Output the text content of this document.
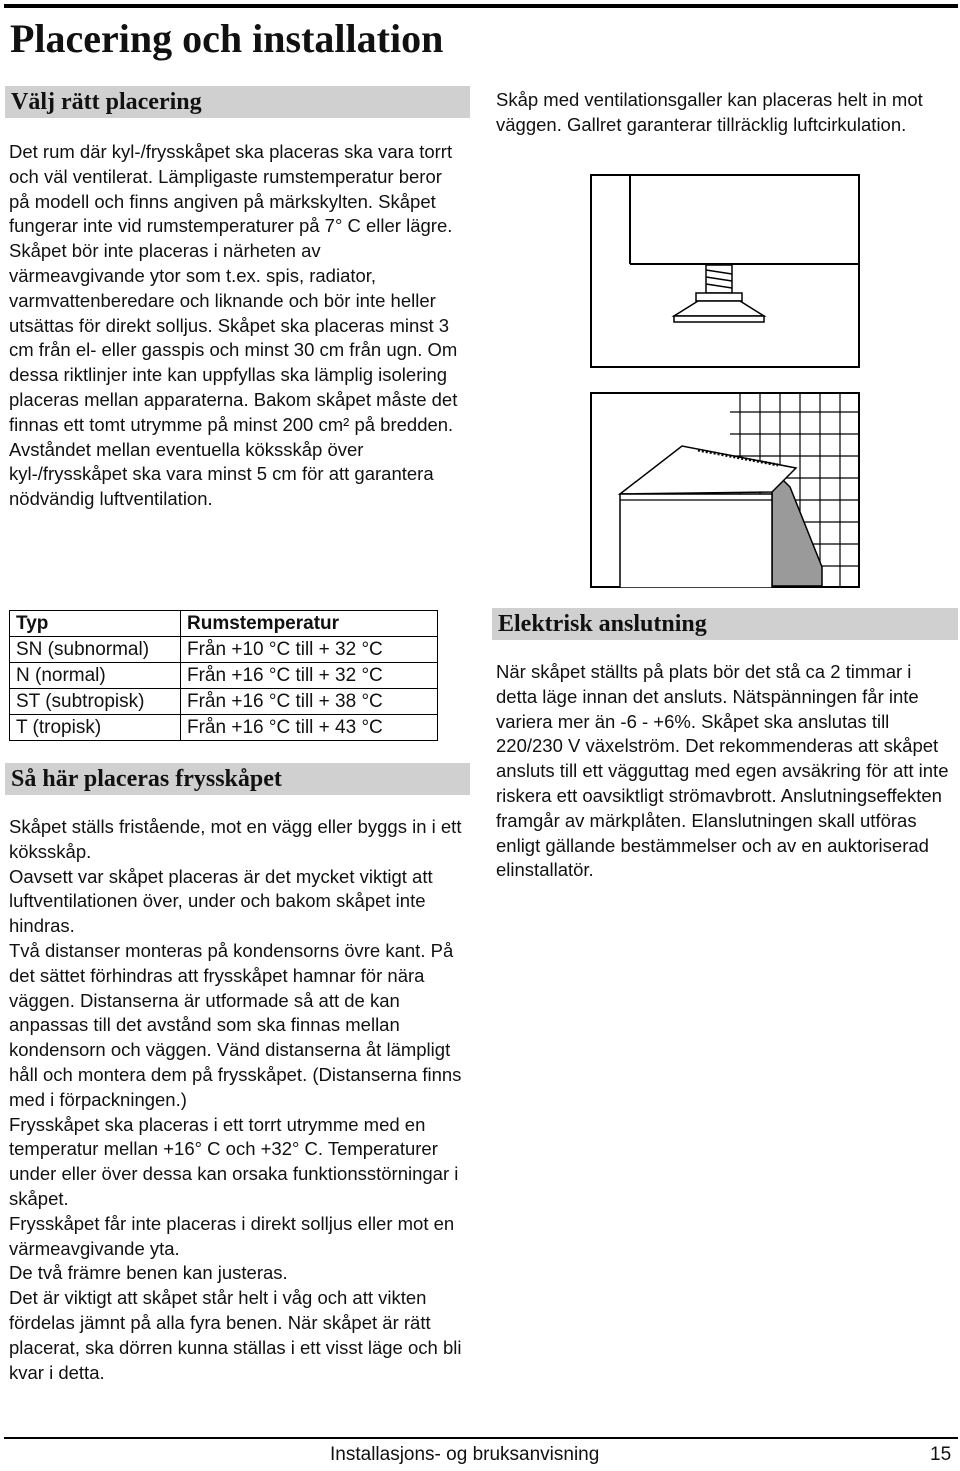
Placering och installation
Välj rätt placering

Det rum där kyl-/frysskåpet ska placeras ska vara torrt och väl ventilerat. Lämpligaste rumstemperatur beror på modell och finns angiven på märkskylten. Skåpet fungerar inte vid rumstemperaturer på 7° C eller lägre. Skåpet bör inte placeras i närheten av värmeavgivande ytor som t.ex. spis, radiator, varmvattenberedare och liknande och bör inte heller utsättas för direkt solljus. Skåpet ska placeras minst 3 cm från el- eller gasspis och minst 30 cm från ugn. Om dessa riktlinjer inte kan uppfyllas ska lämplig isolering placeras mellan apparaterna. Bakom skåpet måste det finnas ett tomt utrymme på minst 200 cm² på bredden. Avståndet mellan eventuella köksskåp över kyl-/frysskåpet ska vara minst 5 cm för att garantera nödvändig luftventilation.

Skåp med ventilationsgaller kan placeras helt in mot väggen. Gallret garanterar tillräcklig luftcirkulation.

Typ	Rumstemperatur
SN (subnormal)	Från +10 °C till + 32 °C
N (normal)	Från +16 °C till + 32 °C
ST (subtropisk)	Från +16 °C till + 38 °C
T (tropisk)	Från +16 °C till + 43 °C
Så här placeras frysskåpet

Skåpet ställs fristående, mot en vägg eller byggs in i ett köksskåp.

Oavsett var skåpet placeras är det mycket viktigt att luftventilationen över, under och bakom skåpet inte hindras.

Två distanser monteras på kondensorns övre kant. På det sättet förhindras att frysskåpet hamnar för nära väggen. Distanserna är utformade så att de kan anpassas till det avstånd som ska finnas mellan kondensorn och väggen. Vänd distanserna åt lämpligt håll och montera dem på frysskåpet. (Distanserna finns med i förpackningen.)

Frysskåpet ska placeras i ett torrt utrymme med en temperatur mellan +16° C och +32° C. Temperaturer under eller över dessa kan orsaka funktionsstörningar i skåpet.

Frysskåpet får inte placeras i direkt solljus eller mot en värmeavgivande yta.

De två främre benen kan justeras.

Det är viktigt att skåpet står helt i våg och att vikten fördelas jämnt på alla fyra benen. När skåpet är rätt placerat, ska dörren kunna ställas i ett visst läge och bli kvar i detta.

Elektrisk anslutning

När skåpet ställts på plats bör det stå ca 2 timmar i detta läge innan det ansluts. Nätspänningen får inte variera mer än -6 - +6%. Skåpet ska anslutas till 220/230 V växelström. Det rekommenderas att skåpet ansluts till ett vägguttag med egen avsäkring för att inte riskera ett oavsiktligt strömavbrott. Anslutningseffekten framgår av märkplåten. Elanslutningen skall utföras enligt gällande bestämmelser och av en auktoriserad elinstallatör.

Installasjons- og bruksanvisning	15
